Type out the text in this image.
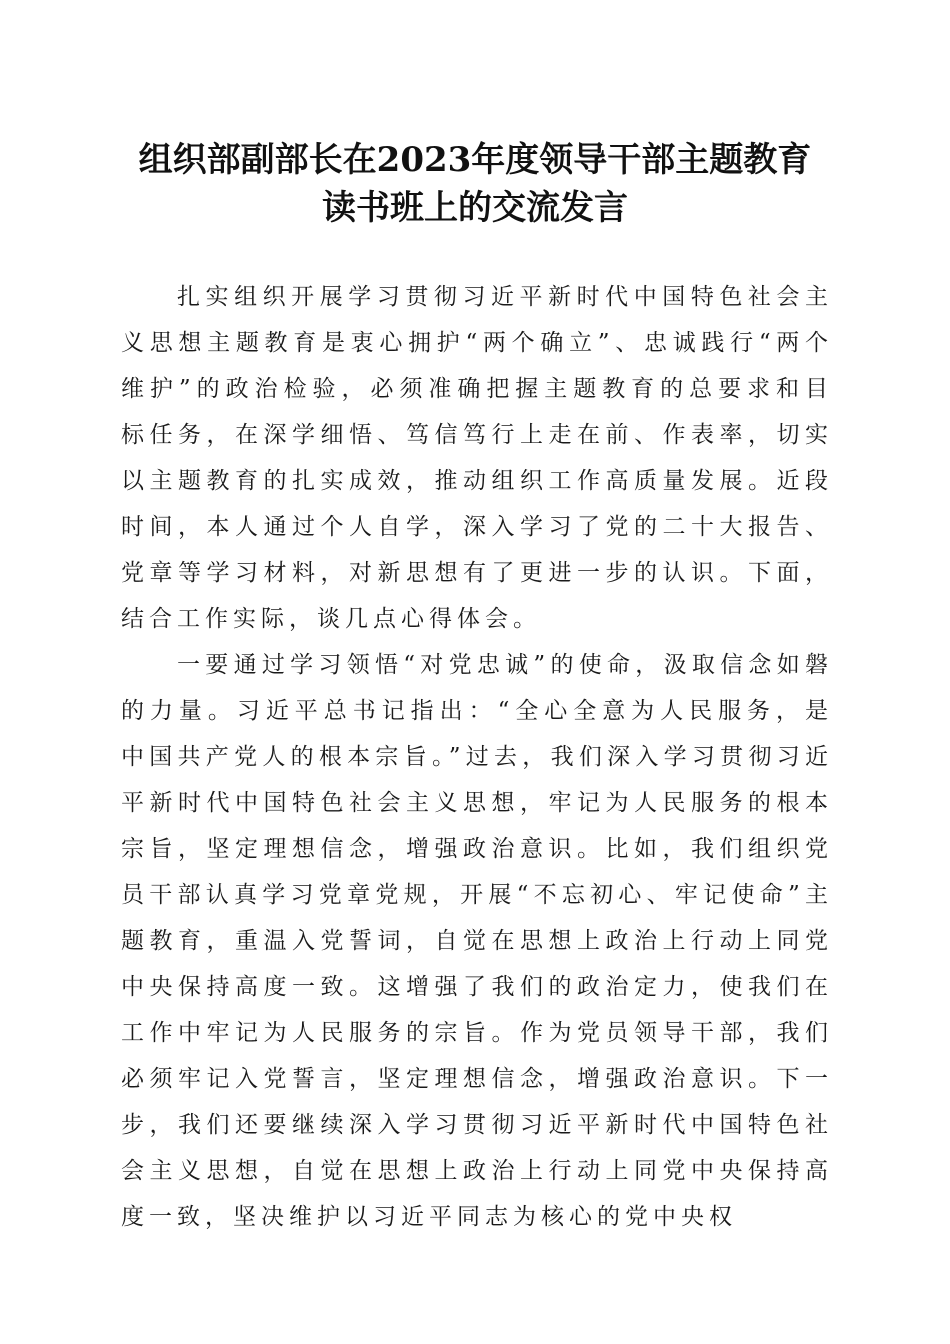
组织部副部长在2023年度领导干部主题教育
读书班上的交流发言

扎实组织开展学习贯彻习近平新时代中国特色社会主义思想主题教育是衷心拥护“两个确立”、忠诚践行“两个维护”的政治检验，必须准确把握主题教育的总要求和目标任务，在深学细悟、笃信笃行上走在前、作表率，切实以主题教育的扎实成效，推动组织工作高质量发展。近段时间，本人通过个人自学，深入学习了党的二十大报告、党章等学习材料，对新思想有了更进一步的认识。下面，结合工作实际，谈几点心得体会。

一要通过学习领悟“对党忠诚”的使命，汲取信念如磐的力量。习近平总书记指出：“全心全意为人民服务，是中国共产党人的根本宗旨。”过去，我们深入学习贯彻习近平新时代中国特色社会主义思想，牢记为人民服务的根本宗旨，坚定理想信念，增强政治意识。比如，我们组织党员干部认真学习党章党规，开展“不忘初心、牢记使命”主题教育，重温入党誓词，自觉在思想上政治上行动上同党中央保持高度一致。这增强了我们的政治定力，使我们在工作中牢记为人民服务的宗旨。作为党员领导干部，我们必须牢记入党誓言，坚定理想信念，增强政治意识。下一步，我们还要继续深入学习贯彻习近平新时代中国特色社会主义思想，自觉在思想上政治上行动上同党中央保持高度一致，坚决维护以习近平同志为核心的党中央权
